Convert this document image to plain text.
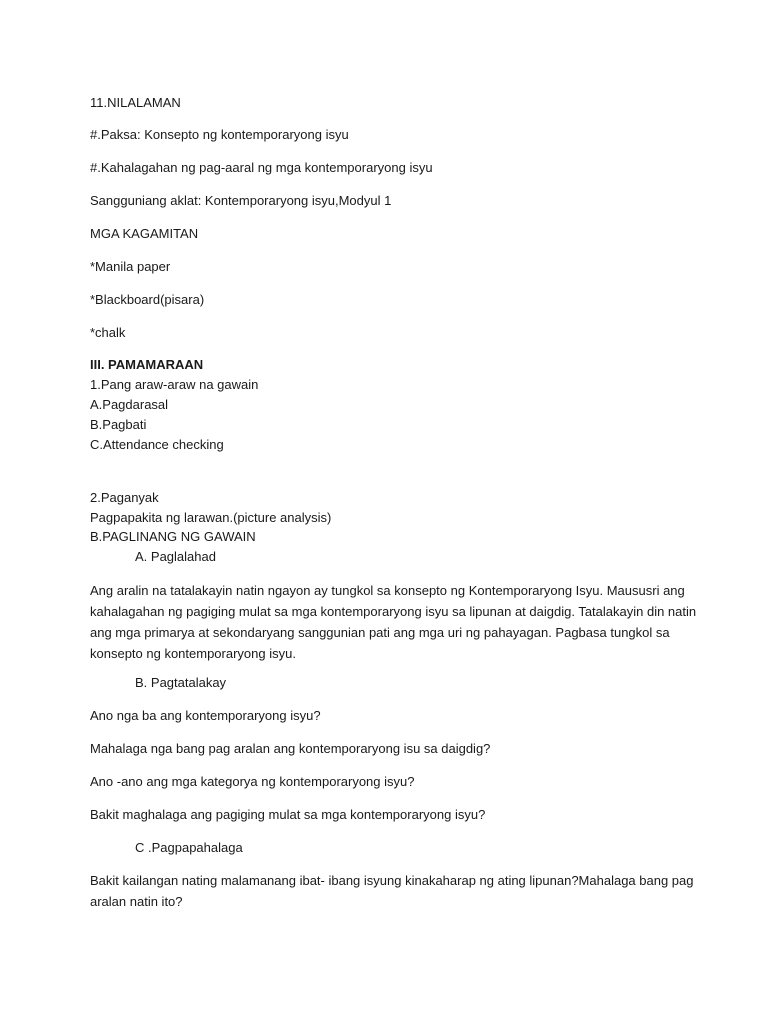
11.NILALAMAN
#.Paksa: Konsepto ng kontemporaryong isyu
#.Kahalagahan ng pag-aaral ng mga kontemporaryong isyu
Sangguniang aklat: Kontemporaryong isyu,Modyul 1
MGA KAGAMITAN
*Manila paper
*Blackboard(pisara)
*chalk
III. PAMAMARAAN
1.Pang araw-araw na gawain
A.Pagdarasal
B.Pagbati
C.Attendance checking
2.Paganyak
Pagpapakita ng larawan.(picture analysis)
B.PAGLINANG NG GAWAIN
A. Paglalahad
Ang aralin na tatalakayin natin ngayon ay tungkol sa konsepto ng Kontemporaryong Isyu. Maususri ang
kahalagahan ng pagiging mulat sa mga kontemporaryong isyu sa lipunan at daigdig. Tatalakayin din natin
ang mga primarya at sekondaryang sanggunian pati ang mga uri ng pahayagan. Pagbasa tungkol sa
konsepto ng kontemporaryong isyu.
B. Pagtatalakay
Ano nga ba ang kontemporaryong isyu?
Mahalaga nga bang pag aralan ang kontemporaryong isu sa daigdig?
Ano -ano ang mga kategorya ng kontemporaryong isyu?
Bakit maghalaga ang pagiging mulat sa mga kontemporaryong isyu?
C .Pagpapahalaga
Bakit kailangan nating malamanang ibat- ibang isyung kinakaharap ng ating lipunan?Mahalaga bang pag
aralan natin ito?
